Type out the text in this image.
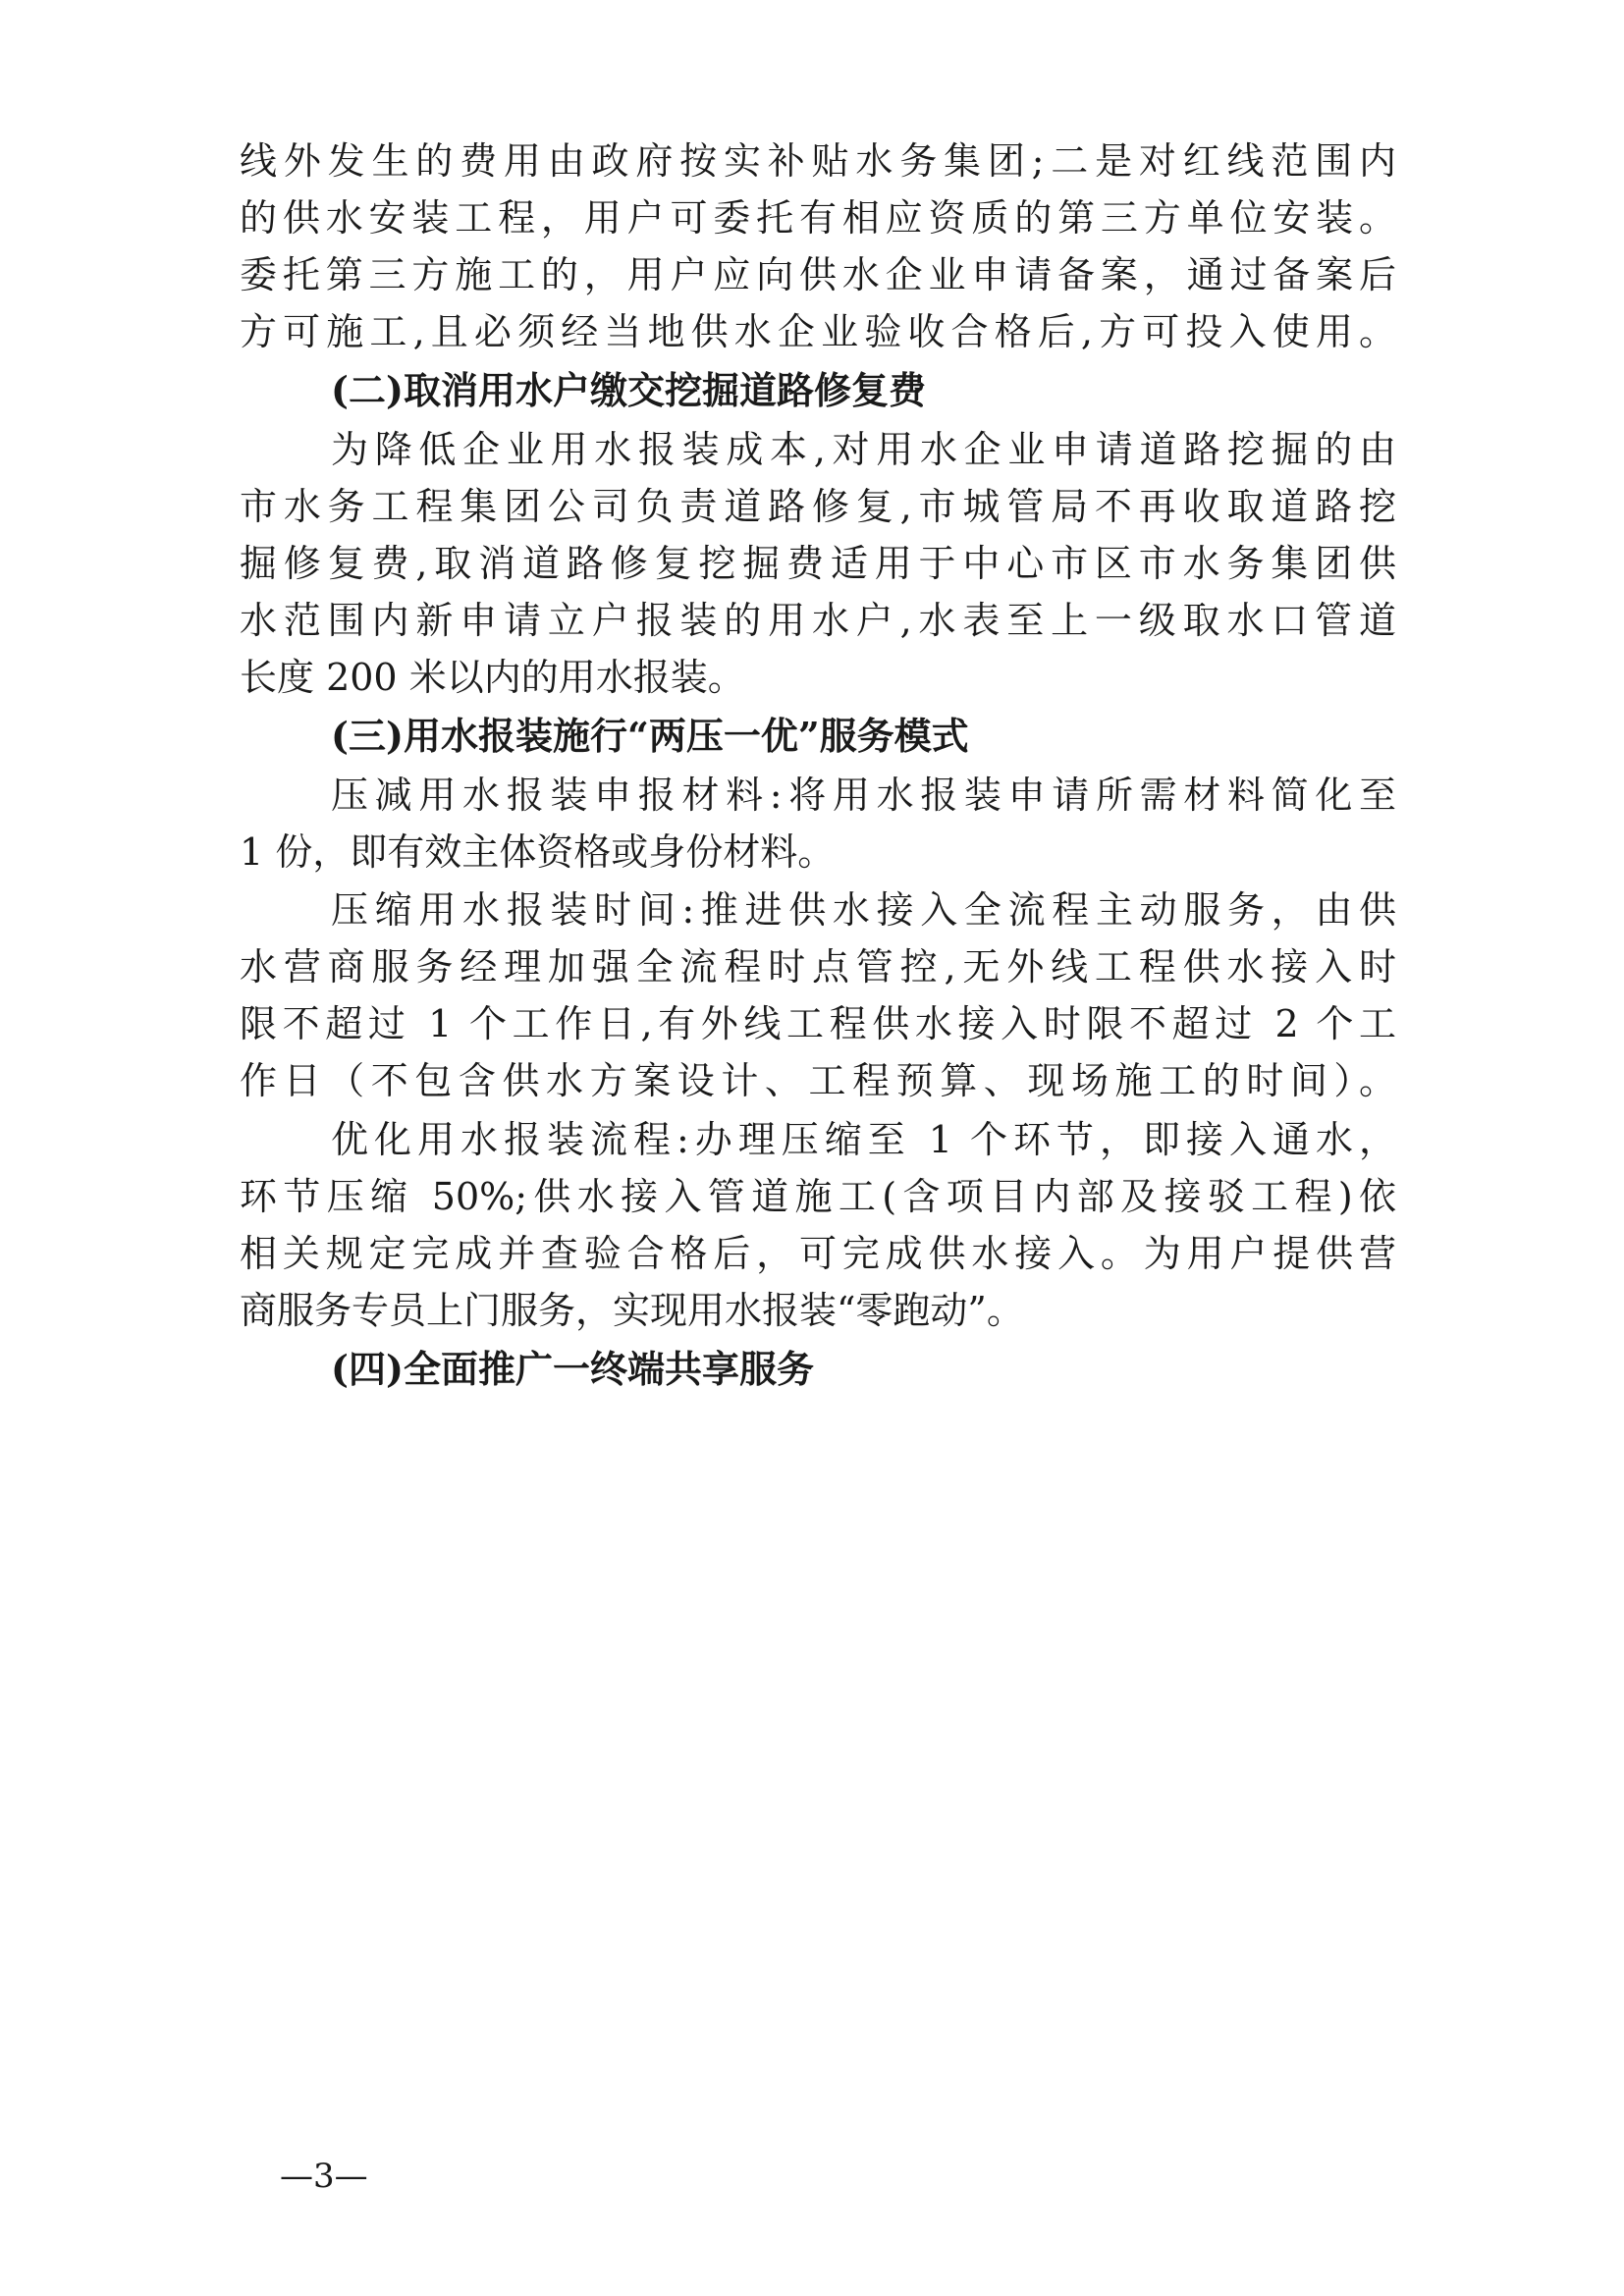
线外发生的费用由政府按实补贴水务集团;二是对红线范围内
的供水安装工程，用户可委托有相应资质的第三方单位安装。
委托第三方施工的，用户应向供水企业申请备案，通过备案后
方可施工,且必须经当地供水企业验收合格后,方可投入使用。
(二)取消用水户缴交挖掘道路修复费
为降低企业用水报装成本,对用水企业申请道路挖掘的由
市水务工程集团公司负责道路修复,市城管局不再收取道路挖
掘修复费,取消道路修复挖掘费适用于中心市区市水务集团供
水范围内新申请立户报装的用水户,水表至上一级取水口管道
长度 200 米以内的用水报装。
(三)用水报装施行“两压一优”服务模式
压减用水报装申报材料:将用水报装申请所需材料简化至
1 份，即有效主体资格或身份材料。
压缩用水报装时间:推进供水接入全流程主动服务，由供
水营商服务经理加强全流程时点管控,无外线工程供水接入时
限不超过 1 个工作日,有外线工程供水接入时限不超过 2 个工
作日（不包含供水方案设计、工程预算、现场施工的时间）。
优化用水报装流程:办理压缩至 1 个环节，即接入通水，
环节压缩 50%;供水接入管道施工(含项目内部及接驳工程)依
相关规定完成并查验合格后，可完成供水接入。为用户提供营
商服务专员上门服务，实现用水报装“零跑动”。
(四)全面推广一终端共享服务
—3—
